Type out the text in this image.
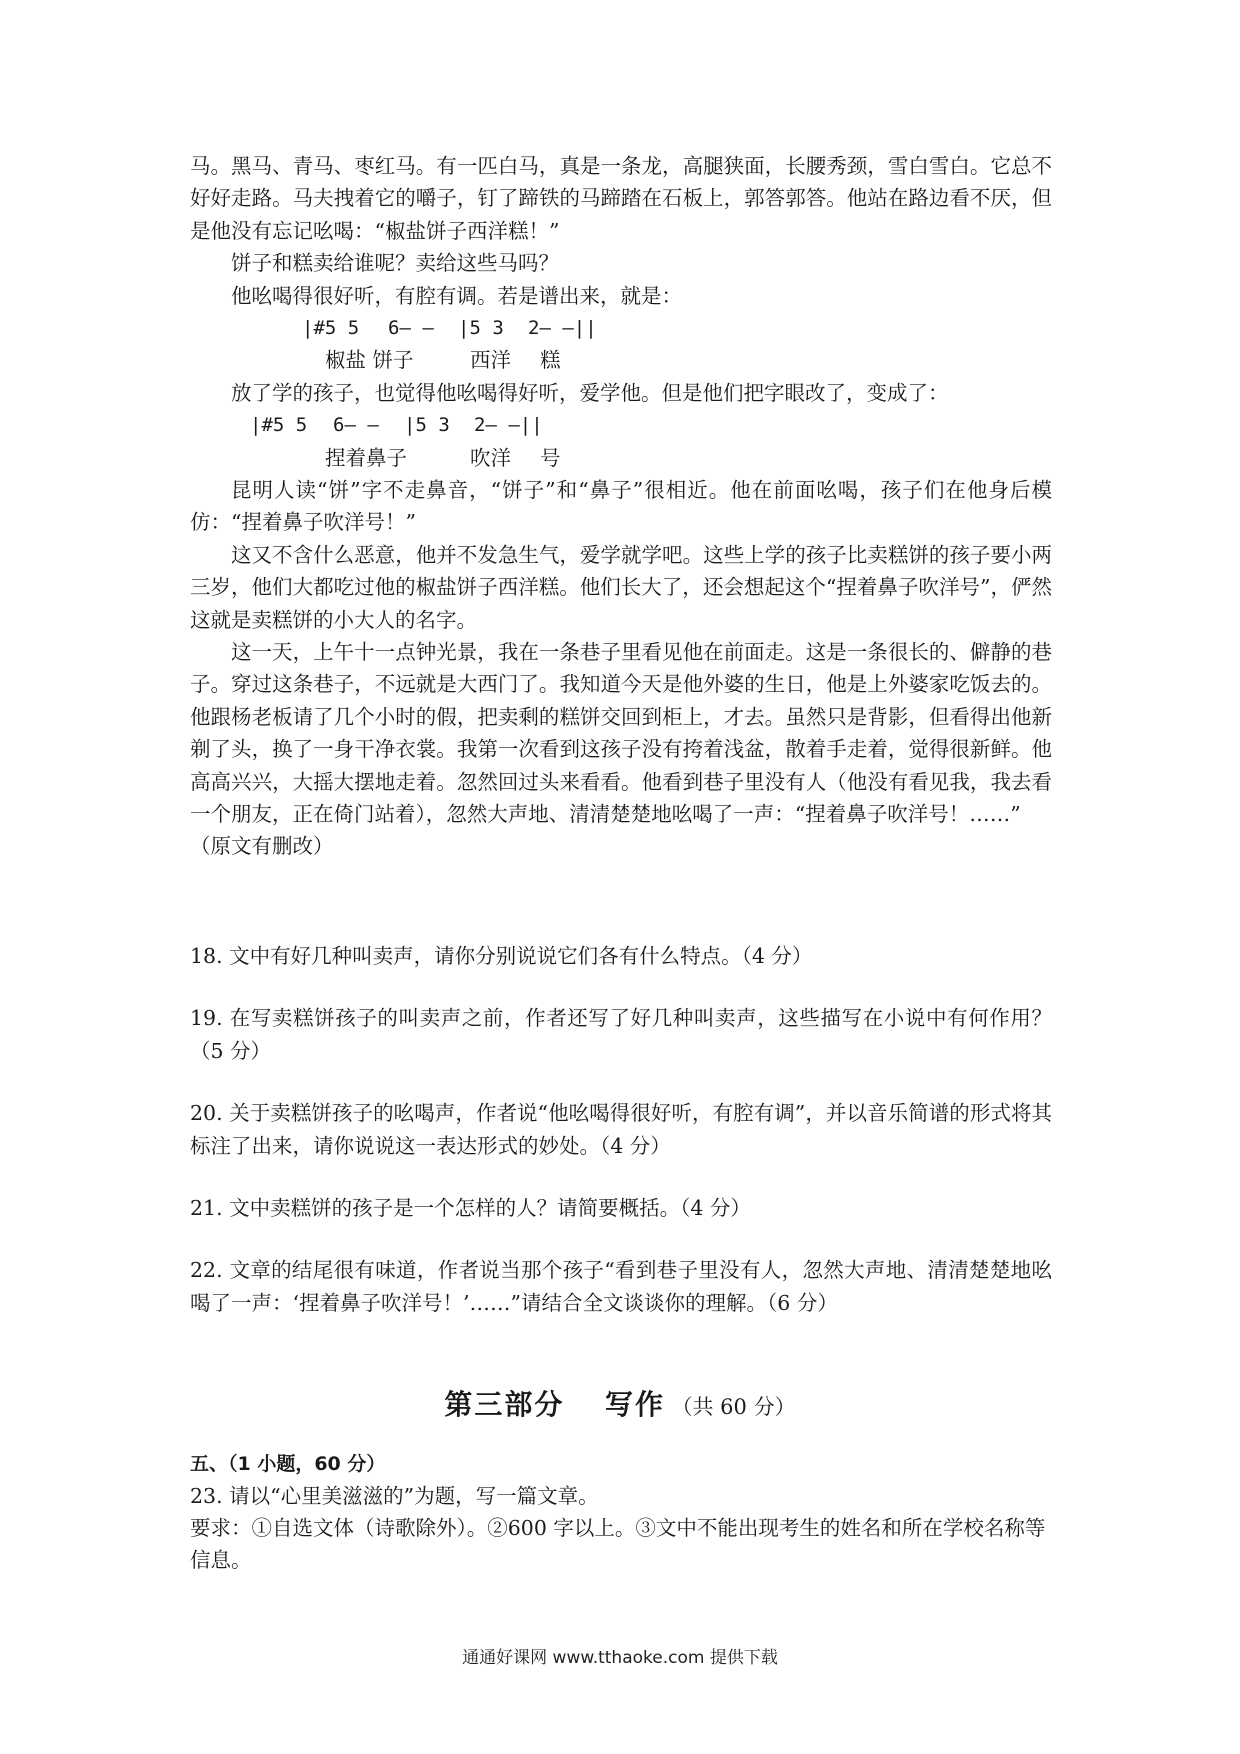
马。黑马、青马、枣红马。有一匹白马，真是一条龙，高腿狭面，长腰秀颈，雪白雪白。它总不好好走路。马夫拽着它的嚼子，钉了蹄铁的马蹄踏在石板上，郭答郭答。他站在路边看不厌，但是他没有忘记吆喝：“椒盐饼子西洋糕！”

饼子和糕卖给谁呢？卖给这些马吗？

他吆喝得很好听，有腔有调。若是谱出来，就是：

|#5 5

6— —

|5 3

2— —||

椒盐 饼子	西洋 糕

放了学的孩子，也觉得他吆喝得好听，爱学他。但是他们把字眼改了，变成了：

|#5 5

6— —

|5 3

2— —||

捏着鼻子	吹洋 号

昆明人读“饼”字不走鼻音，“饼子”和“鼻子”很相近。他在前面吆喝，孩子们在他身后模仿：“捏着鼻子吹洋号！”

这又不含什么恶意，他并不发急生气，爱学就学吧。这些上学的孩子比卖糕饼的孩子要小两三岁，他们大都吃过他的椒盐饼子西洋糕。他们长大了，还会想起这个“捏着鼻子吹洋号”，俨然这就是卖糕饼的小大人的名字。

这一天，上午十一点钟光景，我在一条巷子里看见他在前面走。这是一条很长的、僻静的巷子。穿过这条巷子，不远就是大西门了。我知道今天是他外婆的生日，他是上外婆家吃饭去的。他跟杨老板请了几个小时的假，把卖剩的糕饼交回到柜上，才去。虽然只是背影，但看得出他新剃了头，换了一身干净衣裳。我第一次看到这孩子没有挎着浅盆，散着手走着，觉得很新鲜。他高高兴兴，大摇大摆地走着。忽然回过头来看看。他看到巷子里没有人（他没有看见我，我去看一个朋友，正在倚门站着），忽然大声地、清清楚楚地吆喝了一声：“捏着鼻子吹洋号！……”

（原文有删改）

18. 文中有好几种叫卖声，请你分别说说它们各有什么特点。（4 分）

19. 在写卖糕饼孩子的叫卖声之前，作者还写了好几种叫卖声，这些描写在小说中有何作用？（5 分）

20. 关于卖糕饼孩子的吆喝声，作者说“他吆喝得很好听，有腔有调”，并以音乐简谱的形式将其标注了出来，请你说说这一表达形式的妙处。（4 分）

21. 文中卖糕饼的孩子是一个怎样的人？请简要概括。（4 分）

22. 文章的结尾很有味道，作者说当那个孩子“看到巷子里没有人，忽然大声地、清清楚楚地吆喝了一声：‘捏着鼻子吹洋号！’……”请结合全文谈谈你的理解。（6 分）

第三部分 写作 （共 60 分）

五、（1 小题，60 分）

23. 请以“心里美滋滋的”为题，写一篇文章。

要求：①自选文体（诗歌除外）。②600 字以上。③文中不能出现考生的姓名和所在学校名称等信息。

通通好课网 www.tthaoke.com 提供下载
